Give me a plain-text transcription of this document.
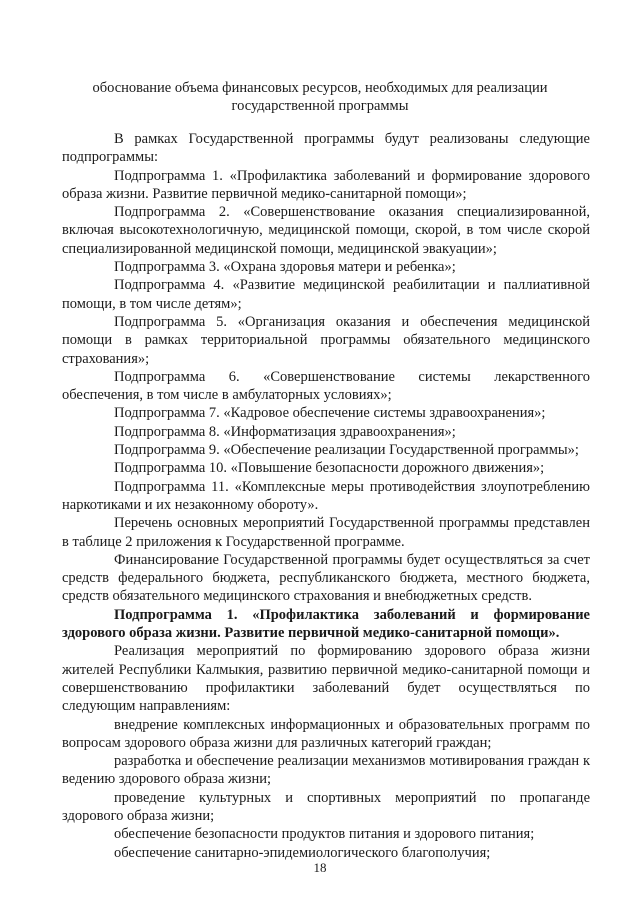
обоснование объема финансовых ресурсов, необходимых для реализации
государственной программы

В рамках Государственной программы будут реализованы следующие подпрограммы:

Подпрограмма 1. «Профилактика заболеваний и формирование здорового образа жизни. Развитие первичной медико-санитарной помощи»;

Подпрограмма 2. «Совершенствование оказания специализированной, включая высокотехнологичную, медицинской помощи, скорой, в том числе скорой специализированной медицинской помощи, медицинской эвакуации»;

Подпрограмма 3. «Охрана здоровья матери и ребенка»;

Подпрограмма 4. «Развитие медицинской реабилитации и паллиативной помощи, в том числе детям»;

Подпрограмма 5. «Организация оказания и обеспечения медицинской помощи в рамках территориальной программы обязательного медицинского страхования»;

Подпрограмма 6. «Совершенствование системы лекарственного обеспечения, в том числе в амбулаторных условиях»;

Подпрограмма 7. «Кадровое обеспечение системы здравоохранения»;

Подпрограмма 8. «Информатизация здравоохранения»;

Подпрограмма 9. «Обеспечение реализации Государственной программы»;

Подпрограмма 10. «Повышение безопасности дорожного движения»;

Подпрограмма 11. «Комплексные меры противодействия злоупотреблению наркотиками и их незаконному обороту».

Перечень основных мероприятий Государственной программы представлен в таблице 2 приложения к Государственной программе.

Финансирование Государственной программы будет осуществляться за счет средств федерального бюджета, республиканского бюджета, местного бюджета, средств обязательного медицинского страхования и внебюджетных средств.

Подпрограмма 1. «Профилактика заболеваний и формирование здорового образа жизни. Развитие первичной медико-санитарной помощи».

Реализация мероприятий по формированию здорового образа жизни жителей Республики Калмыкия, развитию первичной медико-санитарной помощи и совершенствованию профилактики заболеваний будет осуществляться по следующим направлениям:

внедрение комплексных информационных и образовательных программ по вопросам здорового образа жизни для различных категорий граждан;

разработка и обеспечение реализации механизмов мотивирования граждан к ведению здорового образа жизни;

проведение культурных и спортивных мероприятий по пропаганде здорового образа жизни;

обеспечение безопасности продуктов питания и здорового питания;

обеспечение санитарно-эпидемиологического благополучия;

18
